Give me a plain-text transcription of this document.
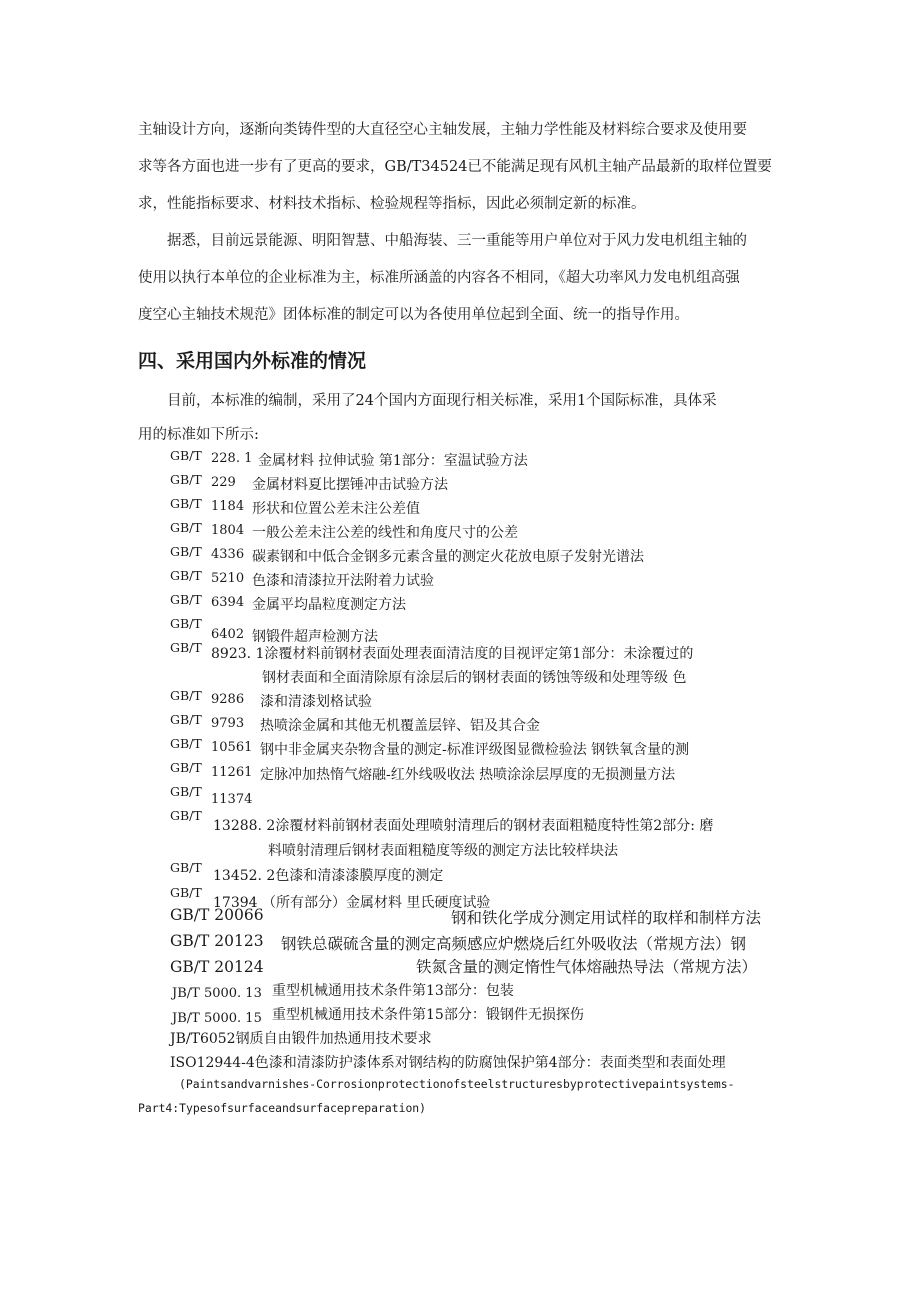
主轴设计方向，逐渐向类铸件型的大直径空心主轴发展，主轴力学性能及材料综合要求及使用要
求等各方面也进一步有了更高的要求，GB/T34524已不能满足现有风机主轴产品最新的取样位置要
求，性能指标要求、材料技术指标、检验规程等指标，因此必须制定新的标准。
据悉，目前远景能源、明阳智慧、中船海装、三一重能等用户单位对于风力发电机组主轴的
使用以执行本单位的企业标准为主，标准所涵盖的内容各不相同，《超大功率风力发电机组高强
度空心主轴技术规范》团体标准的制定可以为各使用单位起到全面、统一的指导作用。
四、采用国内外标准的情况
目前，本标准的编制，采用了24个国内方面现行相关标准，采用1个国际标准，具体采
用的标准如下所示:
GB/T
GB/T
GB/T
GB/T
GB/T
GB/T
GB/T
GB/T
GB/T
GB/T
GB/T
GB/T
GB/T
GB/T
GB/T
GB/T
GB/T
228. 1 金属材料 拉伸试验 第1部分：室温试验方法
229 金属材料夏比摆锤冲击试验方法
1184 形状和位置公差未注公差值
1804 一般公差未注公差的线性和角度尺寸的公差
4336 碳素钢和中低合金钢多元素含量的测定火花放电原子发射光谱法
5210 色漆和清漆拉开法附着力试验
6394 金属平均晶粒度测定方法
6402 钢锻件超声检测方法
8923. 1涂覆材料前钢材表面处理表面清洁度的目视评定第1部分：未涂覆过的
钢材表面和全面清除原有涂层后的钢材表面的锈蚀等级和处理等级 色
9286 漆和清漆划格试验
9793 热喷涂金属和其他无机覆盖层锌、铝及其合金
10561 钢中非金属夹杂物含量的测定-标准评级图显微检验法 钢铁氧含量的测
11261 定脉冲加热惰气熔融-红外线吸收法 热喷涂涂层厚度的无损测量方法
11374
13288. 2涂覆材料前钢材表面处理喷射清理后的钢材表面粗糙度特性第2部分: 磨
料喷射清理后钢材表面粗糙度等级的测定方法比较样块法
13452. 2色漆和清漆漆膜厚度的测定
17394 （所有部分）金属材料 里氏硬度试验
GB/T 20066	钢和铁化学成分测定用试样的取样和制样方法
GB/T 20123 钢铁总碳硫含量的测定高频感应炉燃烧后红外吸收法（常规方法）钢
GB/T 20124	铁氮含量的测定惰性气体熔融热导法（常规方法）
JB/T 5000. 13 重型机械通用技术条件第13部分：包装
JB/T 5000. 15 重型机械通用技术条件第15部分：锻钢件无损探伤
JB/T6052钢质自由锻件加热通用技术要求
ISO12944-4色漆和清漆防护漆体系对钢结构的防腐蚀保护第4部分：表面类型和表面处理
(Paintsandvarnishes-Corrosionprotectionofsteelstructuresbyprotectivepaintsystems-
Part4:Typesofsurfaceandsurfacepreparation)
